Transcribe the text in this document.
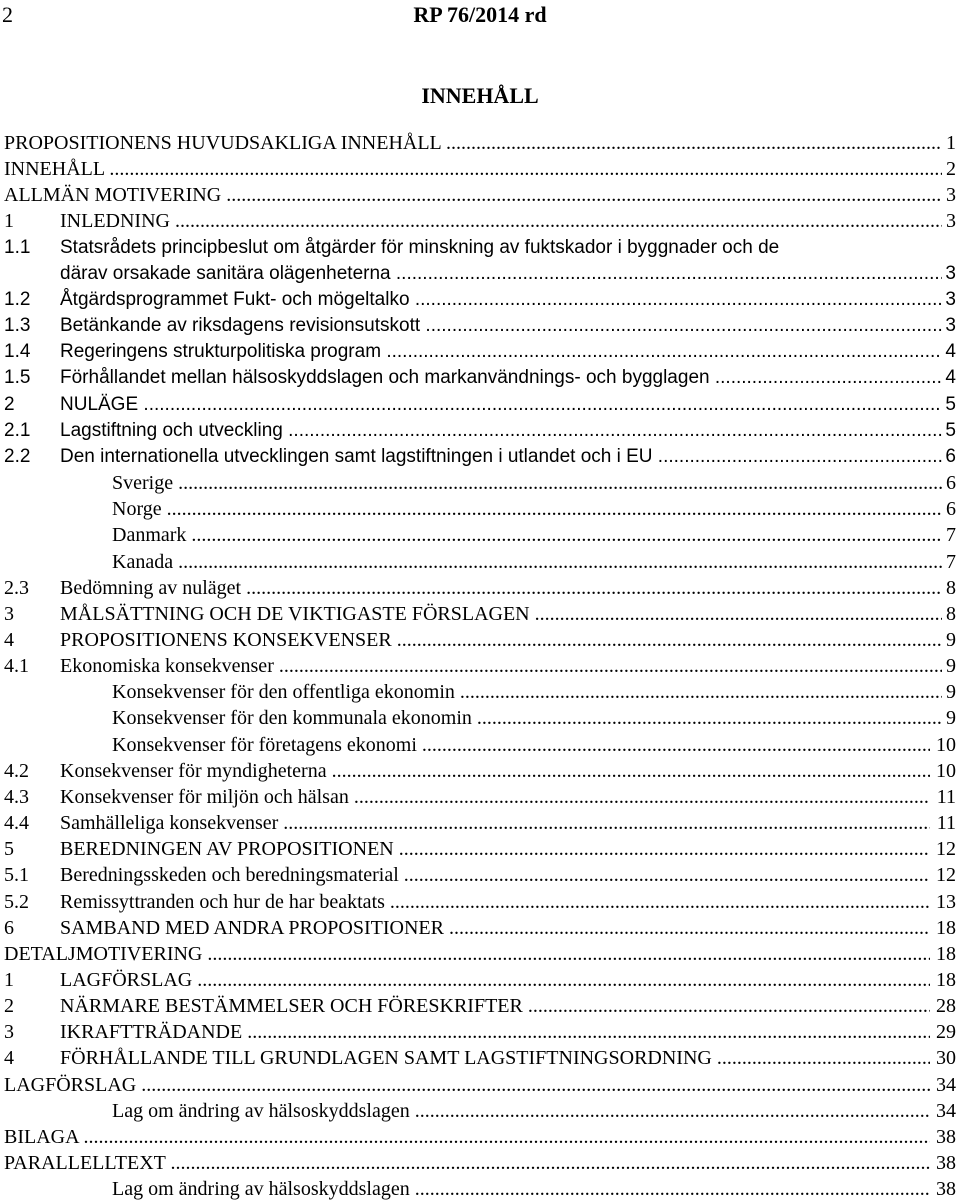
2	RP 76/2014 rd
INNEHÅLL
PROPOSITIONENS HUVUDSAKLIGA INNEHÅLL .....	1
INNEHÅLL .....	2
ALLMÄN MOTIVERING .....	3
1 INLEDNING .....	3
1.1 Statsrådets principbeslut om åtgärder för minskning av fuktskador i byggnader och de
därav orsakade sanitära olägenheterna .....	3
1.2 Åtgärdsprogrammet Fukt- och mögeltalko .....	3
1.3 Betänkande av riksdagens revisionsutskott .....	3
1.4 Regeringens strukturpolitiska program .....	4
1.5 Förhållandet mellan hälsoskyddslagen och markanvändnings- och bygglagen .....	4
2 NULÄGE .....	5
2.1 Lagstiftning och utveckling .....	5
2.2 Den internationella utvecklingen samt lagstiftningen i utlandet och i EU .....	6
Sverige .....	6
Norge .....	6
Danmark .....	7
Kanada .....	7
2.3 Bedömning av nuläget .....	8
3 MÅLSÄTTNING OCH DE VIKTIGASTE FÖRSLAGEN .....	8
4 PROPOSITIONENS KONSEKVENSER .....	9
4.1 Ekonomiska konsekvenser .....	9
Konsekvenser för den offentliga ekonomin .....	9
Konsekvenser för den kommunala ekonomin .....	9
Konsekvenser för företagens ekonomi .....	10
4.2 Konsekvenser för myndigheterna .....	10
4.3 Konsekvenser för miljön och hälsan .....	11
4.4 Samhälleliga konsekvenser .....	11
5 BEREDNINGEN AV PROPOSITIONEN .....	12
5.1 Beredningsskeden och beredningsmaterial .....	12
5.2 Remissyttranden och hur de har beaktats .....	13
6 SAMBAND MED ANDRA PROPOSITIONER .....	18
DETALJMOTIVERING .....	18
1 LAGFÖRSLAG .....	18
2 NÄRMARE BESTÄMMELSER OCH FÖRESKRIFTER .....	28
3 IKRAFTTRÄDANDE .....	29
4 FÖRHÅLLANDE TILL GRUNDLAGEN SAMT LAGSTIFTNINGSORDNING .....	30
LAGFÖRSLAG .....	34
Lag om ändring av hälsoskyddslagen .....	34
BILAGA .....	38
PARALLELLTEXT .....	38
Lag om ändring av hälsoskyddslagen .....	38
